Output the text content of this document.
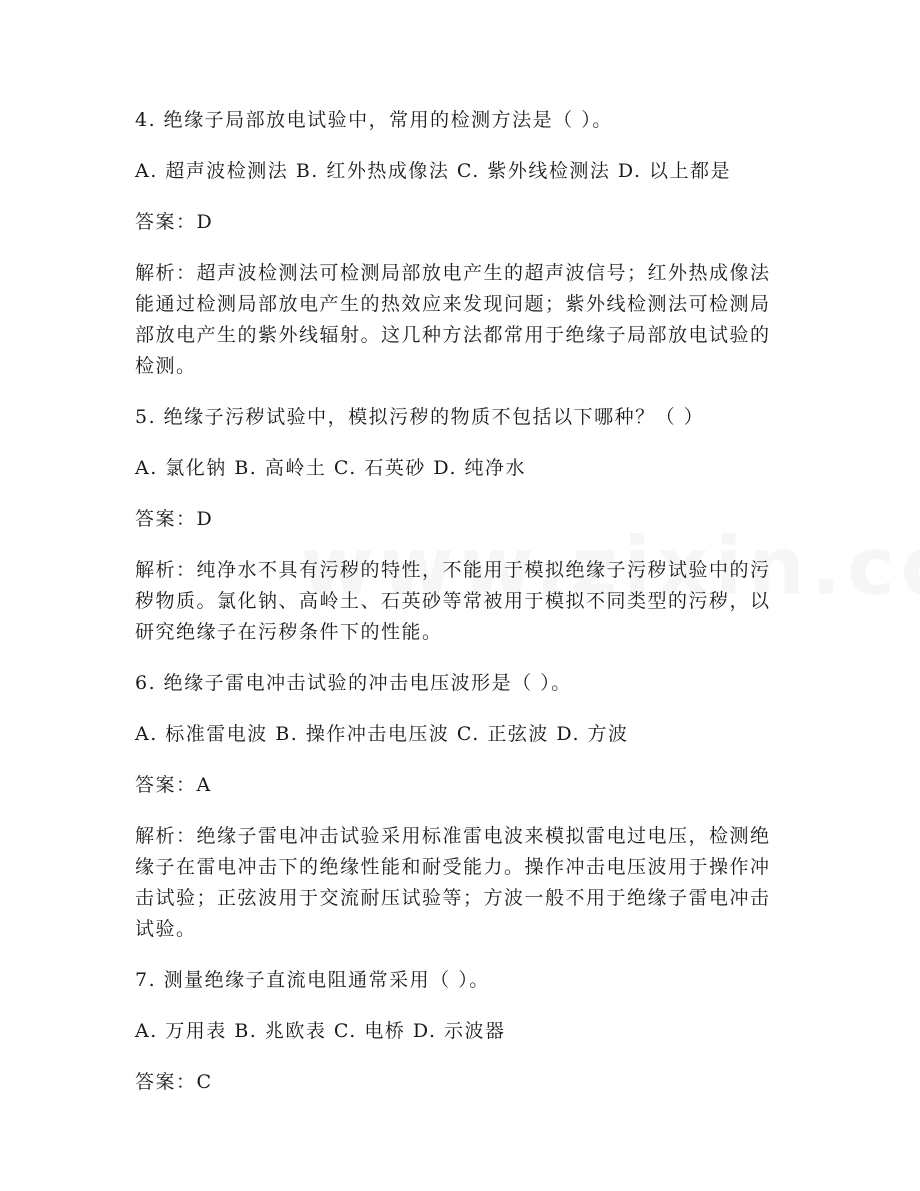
4. 绝缘子局部放电试验中，常用的检测方法是（ ）。

A. 超声波检测法 B. 红外热成像法 C. 紫外线检测法 D. 以上都是

答案：D

解析：超声波检测法可检测局部放电产生的超声波信号；红外热成像法能通过检测局部放电产生的热效应来发现问题；紫外线检测法可检测局部放电产生的紫外线辐射。这几种方法都常用于绝缘子局部放电试验的检测。

5. 绝缘子污秽试验中，模拟污秽的物质不包括以下哪种？（ ）

A. 氯化钠 B. 高岭土 C. 石英砂 D. 纯净水

答案：D

解析：纯净水不具有污秽的特性，不能用于模拟绝缘子污秽试验中的污秽物质。氯化钠、高岭土、石英砂等常被用于模拟不同类型的污秽，以研究绝缘子在污秽条件下的性能。

6. 绝缘子雷电冲击试验的冲击电压波形是（ ）。

A. 标准雷电波 B. 操作冲击电压波 C. 正弦波 D. 方波

答案：A

解析：绝缘子雷电冲击试验采用标准雷电波来模拟雷电过电压，检测绝缘子在雷电冲击下的绝缘性能和耐受能力。操作冲击电压波用于操作冲击试验；正弦波用于交流耐压试验等；方波一般不用于绝缘子雷电冲击试验。

7. 测量绝缘子直流电阻通常采用（ ）。

A. 万用表 B. 兆欧表 C. 电桥 D. 示波器

答案：C
